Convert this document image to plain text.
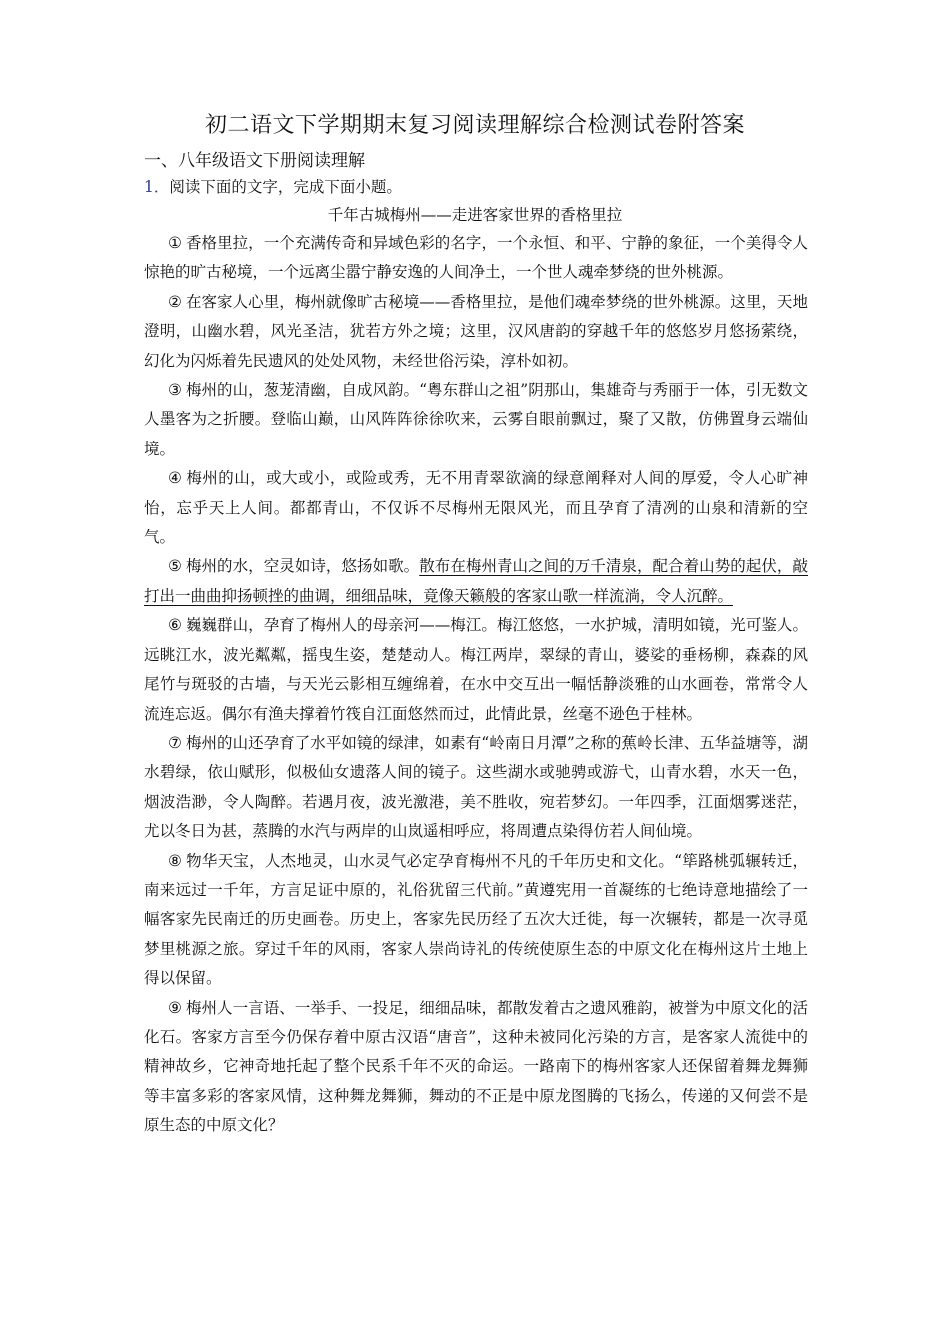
初二语文下学期期末复习阅读理解综合检测试卷附答案
一、八年级语文下册阅读理解
1．阅读下面的文字，完成下面小题。
千年古城梅州——走进客家世界的香格里拉

① 香格里拉，一个充满传奇和异域色彩的名字，一个永恒、和平、宁静的象征，一个美得令人惊艳的旷古秘境，一个远离尘嚣宁静安逸的人间净土，一个世人魂牵梦绕的世外桃源。

② 在客家人心里，梅州就像旷古秘境——香格里拉，是他们魂牵梦绕的世外桃源。这里，天地澄明，山幽水碧，风光圣洁，犹若方外之境；这里，汉风唐韵的穿越千年的悠悠岁月悠扬萦绕，幻化为闪烁着先民遗风的处处风物，未经世俗污染，淳朴如初。

③ 梅州的山，葱茏清幽，自成风韵。“粤东群山之祖”阴那山，集雄奇与秀丽于一体，引无数文人墨客为之折腰。登临山巅，山风阵阵徐徐吹来，云雾自眼前飘过，聚了又散，仿佛置身云端仙境。

④ 梅州的山，或大或小，或险或秀，无不用青翠欲滴的绿意阐释对人间的厚爱，令人心旷神怡，忘乎天上人间。都都青山，不仅诉不尽梅州无限风光，而且孕育了清冽的山泉和清新的空气。

⑤ 梅州的水，空灵如诗，悠扬如歌。散布在梅州青山之间的万千清泉，配合着山势的起伏，敲打出一曲曲抑扬顿挫的曲调，细细品味，竟像天籁般的客家山歌一样流淌，令人沉醉。

⑥ 巍巍群山，孕育了梅州人的母亲河——梅江。梅江悠悠，一水护城，清明如镜，光可鉴人。远眺江水，波光粼粼，摇曳生姿，楚楚动人。梅江两岸，翠绿的青山，婆娑的垂杨柳，森森的风尾竹与斑驳的古墙，与天光云影相互缠绵着，在水中交互出一幅恬静淡雅的山水画卷，常常令人流连忘返。偶尔有渔夫撑着竹筏自江面悠然而过，此情此景，丝毫不逊色于桂林。

⑦ 梅州的山还孕育了水平如镜的绿津，如素有“岭南日月潭”之称的蕉岭长津、五华益塘等，湖水碧绿，依山赋形，似极仙女遗落人间的镜子。这些湖水或驰骋或游弋，山青水碧，水天一色，烟波浩渺，令人陶醉。若遇月夜，波光激港，美不胜收，宛若梦幻。一年四季，江面烟雾迷茫，尤以冬日为甚，蒸腾的水汽与两岸的山岚遥相呼应，将周遭点染得仿若人间仙境。

⑧ 物华天宝，人杰地灵，山水灵气必定孕育梅州不凡的千年历史和文化。“筚路桃弧辗转迁，南来远过一千年，方言足证中原的，礼俗犹留三代前。”黄遵宪用一首凝练的七绝诗意地描绘了一幅客家先民南迁的历史画卷。历史上，客家先民历经了五次大迁徙，每一次辗转，都是一次寻觅梦里桃源之旅。穿过千年的风雨，客家人崇尚诗礼的传统使原生态的中原文化在梅州这片土地上得以保留。

⑨ 梅州人一言语、一举手、一投足，细细品味，都散发着古之遗风雅韵，被誉为中原文化的活化石。客家方言至今仍保存着中原古汉语“唐音”，这种未被同化污染的方言，是客家人流徙中的精神故乡，它神奇地托起了整个民系千年不灭的命运。一路南下的梅州客家人还保留着舞龙舞狮等丰富多彩的客家风情，这种舞龙舞狮，舞动的不正是中原龙图腾的飞扬么，传递的又何尝不是原生态的中原文化？
